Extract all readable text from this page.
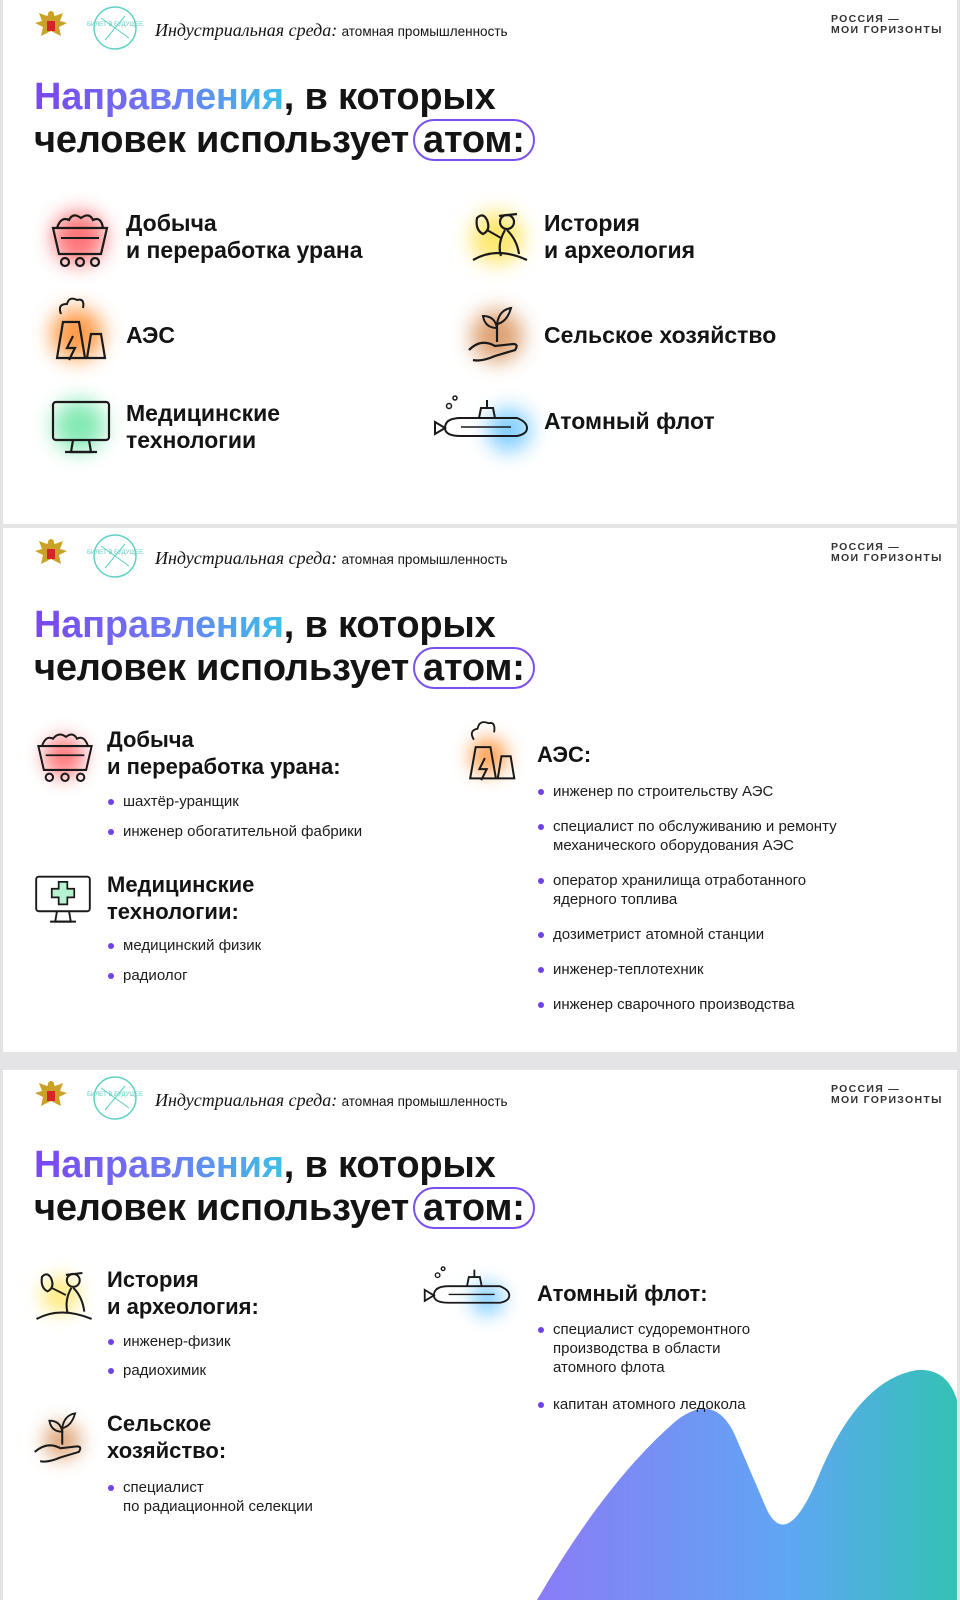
БИЛЕТ В БУДУЩЕЕ Индустриальная среда: атомная промышленность
РОССИЯ —
МОИ ГОРИЗОНТЫ
Направления, в которых
человек использует атом:
Добыча
и переработка урана
История
и археология
АЭС	Сельское хозяйство
Медицинские
технологии
Атомный флот
БИЛЕТ В БУДУЩЕЕ Индустриальная среда: атомная промышленность
РОССИЯ —
МОИ ГОРИЗОНТЫ
Направления, в которых
человек использует атом:
Добыча
и переработка урана:
шахтёр-уранщик
инженер обогатительной фабрики
Медицинские
технологии:
медицинский физик
радиолог
АЭС:
инженер по строительству АЭС
специалист по обслуживанию и ремонту
механического оборудования АЭС
оператор хранилища отработанного
ядерного топлива
дозиметрист атомной станции
инженер-теплотехник
инженер сварочного производства
БИЛЕТ В БУДУЩЕЕ Индустриальная среда: атомная промышленность
РОССИЯ —
МОИ ГОРИЗОНТЫ
Направления, в которых
человек использует атом:
История
и археология:
инженер-физик
радиохимик
Сельское
хозяйство:
специалист
по радиационной селекции
Атомный флот:
специалист судоремонтного
производства в области
атомного флота
капитан атомного ледокола
